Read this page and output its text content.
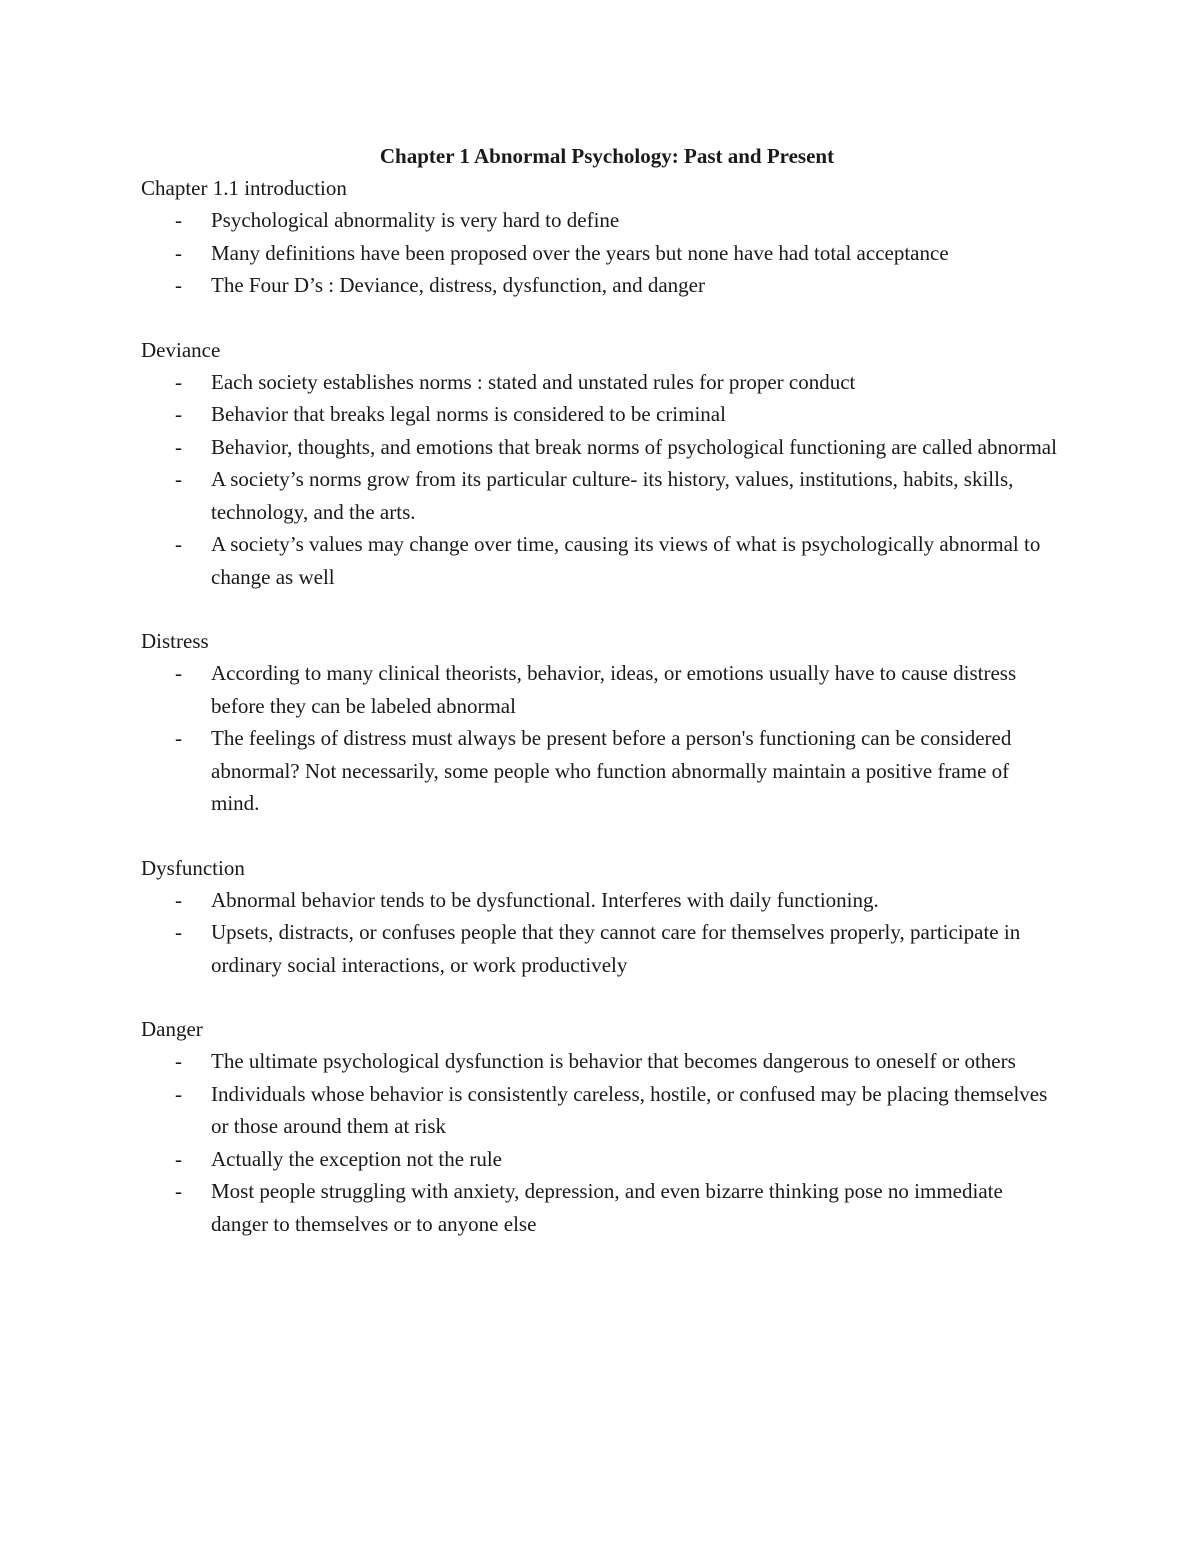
Chapter 1 Abnormal Psychology: Past and Present

Chapter 1.1 introduction

- Psychological abnormality is very hard to define
- Many definitions have been proposed over the years but none have had total acceptance
- The Four D’s : Deviance, distress, dysfunction, and danger

Deviance

- Each society establishes norms : stated and unstated rules for proper conduct
- Behavior that breaks legal norms is considered to be criminal
- Behavior, thoughts, and emotions that break norms of psychological functioning are called abnormal
- A society’s norms grow from its particular culture- its history, values, institutions, habits, skills, technology, and the arts.
- A society’s values may change over time, causing its views of what is psychologically abnormal to change as well

Distress

- According to many clinical theorists, behavior, ideas, or emotions usually have to cause distress before they can be labeled abnormal
- The feelings of distress must always be present before a person's functioning can be considered abnormal? Not necessarily, some people who function abnormally maintain a positive frame of mind.

Dysfunction

- Abnormal behavior tends to be dysfunctional. Interferes with daily functioning.
- Upsets, distracts, or confuses people that they cannot care for themselves properly, participate in ordinary social interactions, or work productively

Danger

- The ultimate psychological dysfunction is behavior that becomes dangerous to oneself or others
- Individuals whose behavior is consistently careless, hostile, or confused may be placing themselves or those around them at risk
- Actually the exception not the rule
- Most people struggling with anxiety, depression, and even bizarre thinking pose no immediate danger to themselves or to anyone else
